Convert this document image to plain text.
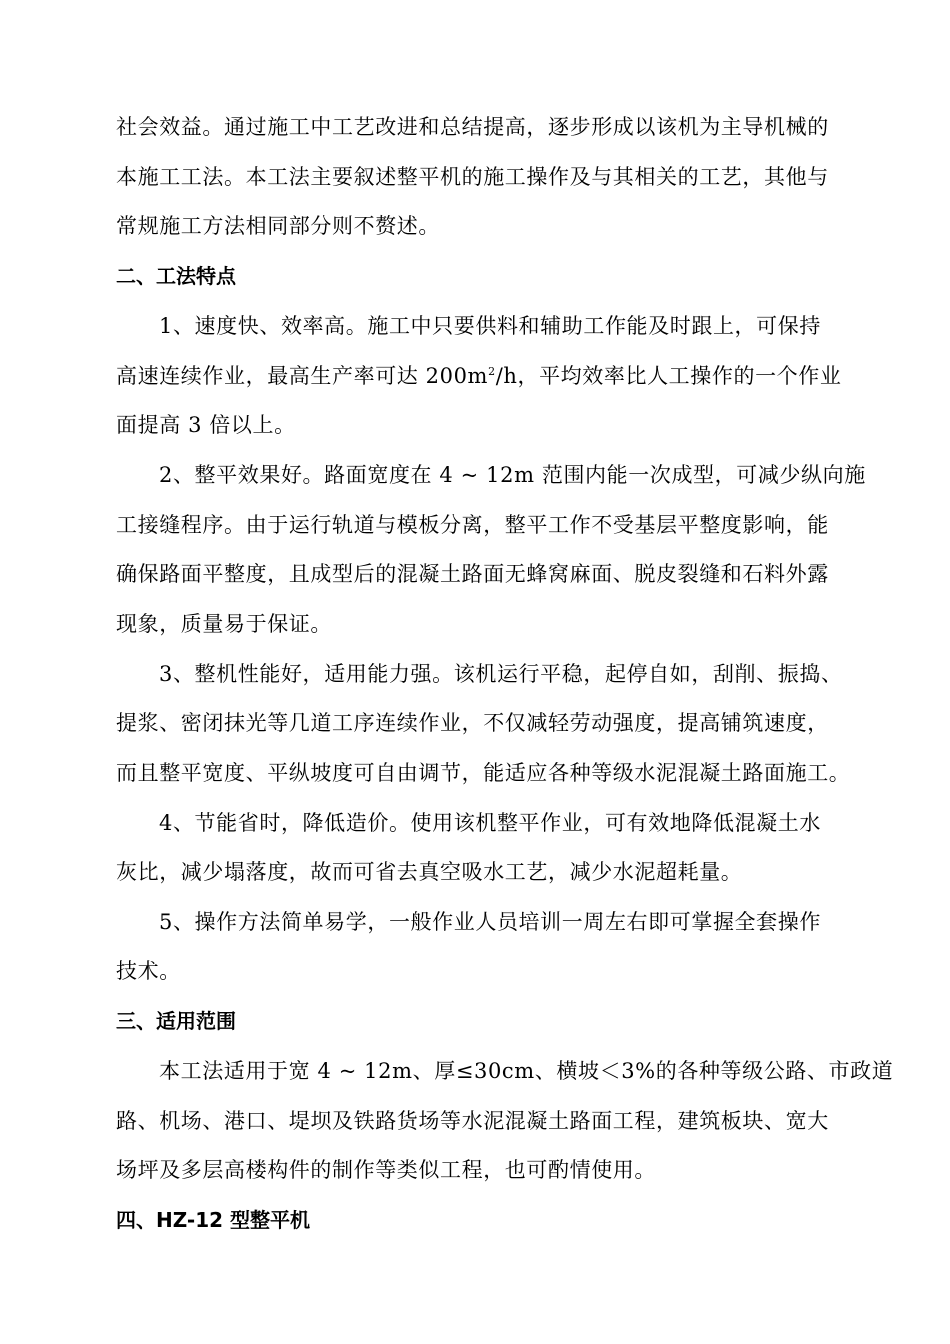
社会效益。通过施工中工艺改进和总结提高，逐步形成以该机为主导机械的
本施工工法。本工法主要叙述整平机的施工操作及与其相关的工艺，其他与
常规施工方法相同部分则不赘述。
二、工法特点
1、速度快、效率高。施工中只要供料和辅助工作能及时跟上，可保持
高速连续作业，最高生产率可达 $200m^2/h$，平均效率比人工操作的一个作业
面提高 3 倍以上。
2、整平效果好。路面宽度在 4 ~ 12m 范围内能一次成型，可减少纵向施
工接缝程序。由于运行轨道与模板分离，整平工作不受基层平整度影响，能
确保路面平整度，且成型后的混凝土路面无蜂窝麻面、脱皮裂缝和石料外露
现象，质量易于保证。
3、整机性能好，适用能力强。该机运行平稳，起停自如，刮削、振捣、
提浆、密闭抹光等几道工序连续作业，不仅减轻劳动强度，提高铺筑速度，
而且整平宽度、平纵坡度可自由调节，能适应各种等级水泥混凝土路面施工。
4、节能省时，降低造价。使用该机整平作业，可有效地降低混凝土水
灰比，减少塌落度，故而可省去真空吸水工艺，减少水泥超耗量。
5、操作方法简单易学，一般作业人员培训一周左右即可掌握全套操作
技术。
三、适用范围
本工法适用于宽 4 ~ 12m、厚≤30cm、横坡＜3%的各种等级公路、市政道
路、机场、港口、堤坝及铁路货场等水泥混凝土路面工程，建筑板块、宽大
场坪及多层高楼构件的制作等类似工程，也可酌情使用。
四、HZ-12 型整平机
